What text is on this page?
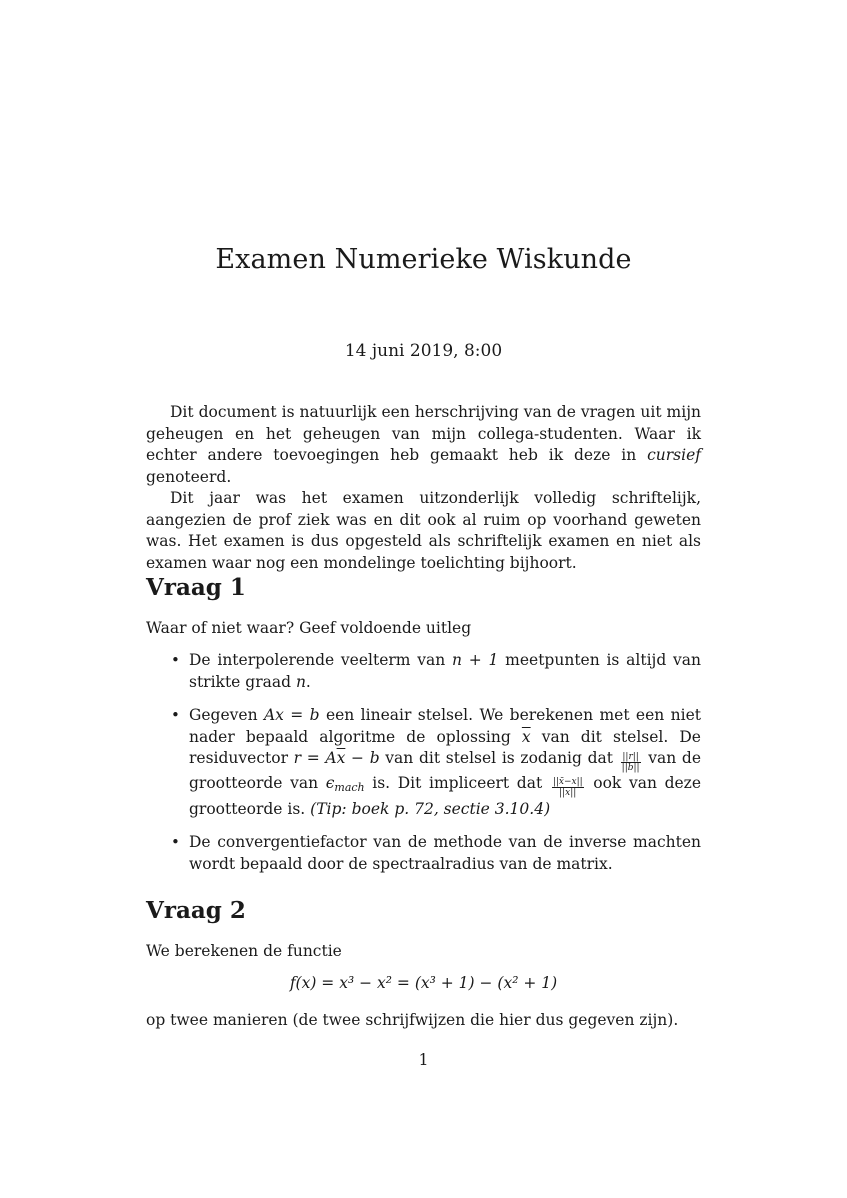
Examen Numerieke Wiskunde
14 juni 2019, 8:00

Dit document is natuurlijk een herschrijving van de vragen uit mijn geheugen en het geheugen van mijn collega-studenten. Waar ik echter andere toevoegingen heb gemaakt heb ik deze in cursief genoteerd.

Dit jaar was het examen uitzonderlijk volledig schriftelijk, aangezien de prof ziek was en dit ook al ruim op voorhand geweten was. Het examen is dus opgesteld als schriftelijk examen en niet als examen waar nog een mondelinge toelichting bijhoort.

Vraag 1
Waar of niet waar? Geef voldoende uitleg
• De interpolerende veelterm van n + 1 meetpunten is altijd van strikte graad n.
• Gegeven Ax = b een lineair stelsel. We berekenen met een niet nader bepaald algoritme de oplossing $\overline{x}$ van dit stelsel. De residuvector $r = A\overline{x} - b$ van dit stelsel is zodanig dat $\frac{||r||}{||b||}$ van de grootteorde van $\epsilon_{mach}$ is. Dit impliceert dat $\frac{||x̄-x||}{||x||}$ ook van deze grootteorde is. (Tip: boek p. 72, sectie 3.10.4)
• De convergentiefactor van de methode van de inverse machten wordt bepaald door de spectraalradius van de matrix.
Vraag 2
We berekenen de functie
f(x) = x³ − x² = (x³ + 1) − (x² + 1)
op twee manieren (de twee schrijfwijzen die hier dus gegeven zijn).
1
